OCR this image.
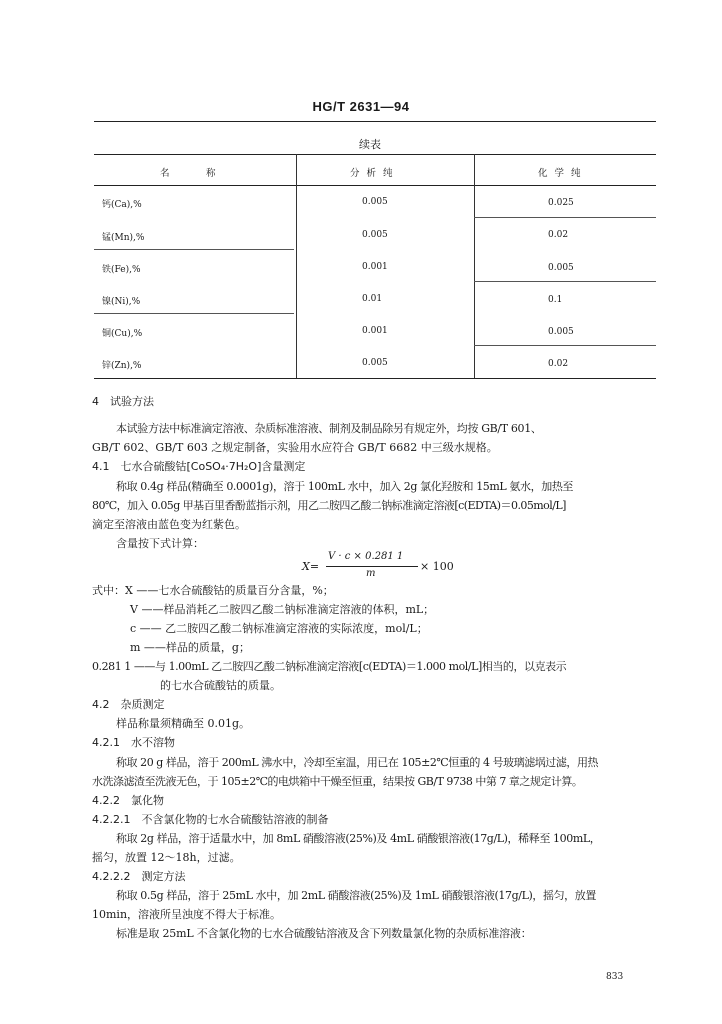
HG/T 2631—94
续表
名　　　称	分 析 纯	化 学 纯
钙(Ca),%	0.005	0.025
锰(Mn),%	0.005	0.02
铁(Fe),%	0.001	0.005
镍(Ni),%	0.01	0.1
铜(Cu),%	0.001	0.005
锌(Zn),%	0.005	0.02
4　试验方法
本试验方法中标准滴定溶液、杂质标准溶液、制剂及制品除另有规定外，均按 GB/T 601、
GB/T 602、GB/T 603 之规定制备，实验用水应符合 GB/T 6682 中三级水规格。
4.1　七水合硫酸钴[CoSO₄·7H₂O]含量测定
称取 0.4g 样品(精确至 0.0001g)，溶于 100mL 水中，加入 2g 氯化羟胺和 15mL 氨水，加热至
80℃，加入 0.05g 甲基百里香酚蓝指示剂，用乙二胺四乙酸二钠标准滴定溶液[c(EDTA)＝0.05mol/L]
滴定至溶液由蓝色变为红紫色。
含量按下式计算：
X=
V · c × 0.281 1
m
× 100
式中：X ——七水合硫酸钴的质量百分含量，%；
V ——样品消耗乙二胺四乙酸二钠标准滴定溶液的体积，mL；
c —— 乙二胺四乙酸二钠标准滴定溶液的实际浓度，mol/L；
m ——样品的质量，g；
0.281 1 ——与 1.00mL 乙二胺四乙酸二钠标准滴定溶液[c(EDTA)＝1.000 mol/L]相当的，以克表示
的七水合硫酸钴的质量。
4.2　杂质测定
样品称量须精确至 0.01g。
4.2.1　水不溶物
称取 20 g 样品，溶于 200mL 沸水中，冷却至室温，用已在 105±2℃恒重的 4 号玻璃滤埚过滤，用热
水洗涤滤渣至洗液无色，于 105±2℃的电烘箱中干燥至恒重，结果按 GB/T 9738 中第 7 章之规定计算。
4.2.2　氯化物
4.2.2.1　不含氯化物的七水合硫酸钴溶液的制备
称取 2g 样品，溶于适量水中，加 8mL 硝酸溶液(25%)及 4mL 硝酸银溶液(17g/L)，稀释至 100mL，
摇匀，放置 12～18h，过滤。
4.2.2.2　测定方法
称取 0.5g 样品，溶于 25mL 水中，加 2mL 硝酸溶液(25%)及 1mL 硝酸银溶液(17g/L)，摇匀，放置
10min，溶液所呈浊度不得大于标准。
标准是取 25mL 不含氯化物的七水合硫酸钴溶液及含下列数量氯化物的杂质标准溶液：
833
